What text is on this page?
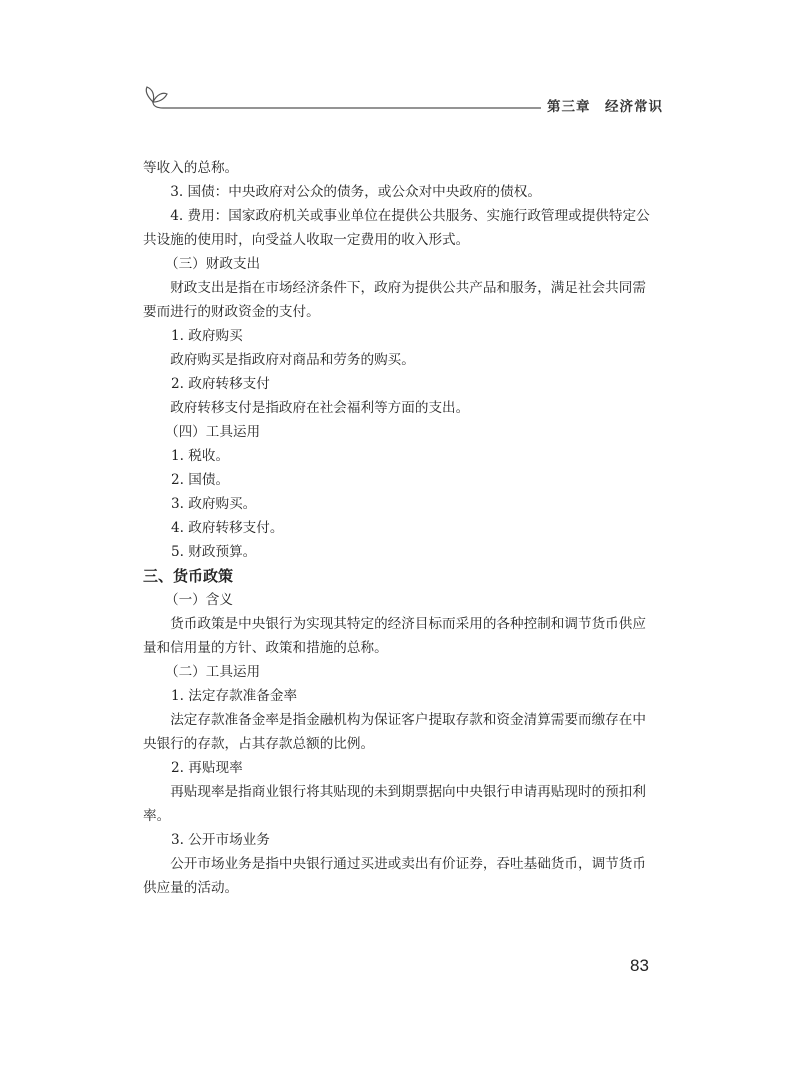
第三章　经济常识

等收入的总称。

3. 国债：中央政府对公众的债务，或公众对中央政府的债权。

4. 费用：国家政府机关或事业单位在提供公共服务、实施行政管理或提供特定公共设施的使用时，向受益人收取一定费用的收入形式。

（三）财政支出

财政支出是指在市场经济条件下，政府为提供公共产品和服务，满足社会共同需要而进行的财政资金的支付。

1. 政府购买

政府购买是指政府对商品和劳务的购买。

2. 政府转移支付

政府转移支付是指政府在社会福利等方面的支出。

（四）工具运用

1. 税收。

2. 国债。

3. 政府购买。

4. 政府转移支付。

5. 财政预算。

三、货币政策

（一）含义

货币政策是中央银行为实现其特定的经济目标而采用的各种控制和调节货币供应量和信用量的方针、政策和措施的总称。

（二）工具运用

1. 法定存款准备金率

法定存款准备金率是指金融机构为保证客户提取存款和资金清算需要而缴存在中央银行的存款，占其存款总额的比例。

2. 再贴现率

再贴现率是指商业银行将其贴现的未到期票据向中央银行申请再贴现时的预扣利率。

3. 公开市场业务

公开市场业务是指中央银行通过买进或卖出有价证券，吞吐基础货币，调节货币供应量的活动。

83
